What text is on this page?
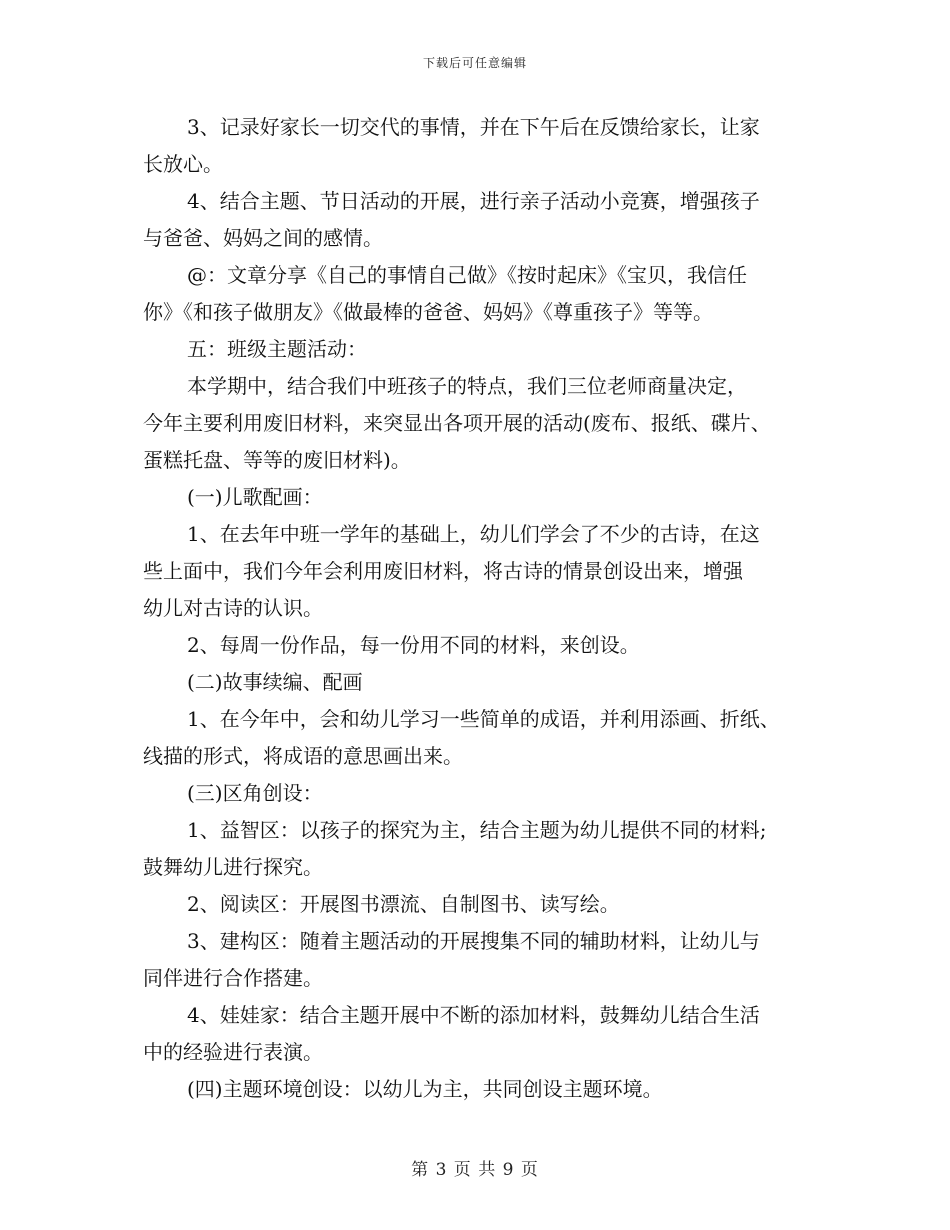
下载后可任意编辑

3、记录好家长一切交代的事情，并在下午后在反馈给家长，让家

长放心。

4、结合主题、节日活动的开展，进行亲子活动小竞赛，增强孩子

与爸爸、妈妈之间的感情。

@：文章分享《自己的事情自己做》《按时起床》《宝贝，我信任

你》《和孩子做朋友》《做最棒的爸爸、妈妈》《尊重孩子》等等。

五：班级主题活动：

本学期中，结合我们中班孩子的特点，我们三位老师商量决定，

今年主要利用废旧材料，来突显出各项开展的活动(废布、报纸、碟片、

蛋糕托盘、等等的废旧材料)。

(一)儿歌配画：

1、在去年中班一学年的基础上，幼儿们学会了不少的古诗，在这

些上面中，我们今年会利用废旧材料，将古诗的情景创设出来，增强

幼儿对古诗的认识。

2、每周一份作品，每一份用不同的材料，来创设。

(二)故事续编、配画

1、在今年中，会和幼儿学习一些简单的成语，并利用添画、折纸、

线描的形式，将成语的意思画出来。

(三)区角创设：

1、益智区：以孩子的探究为主，结合主题为幼儿提供不同的材料;

鼓舞幼儿进行探究。

2、阅读区：开展图书漂流、自制图书、读写绘。

3、建构区：随着主题活动的开展搜集不同的辅助材料，让幼儿与

同伴进行合作搭建。

4、娃娃家：结合主题开展中不断的添加材料，鼓舞幼儿结合生活

中的经验进行表演。

(四)主题环境创设：以幼儿为主，共同创设主题环境。

第 3 页 共 9 页
